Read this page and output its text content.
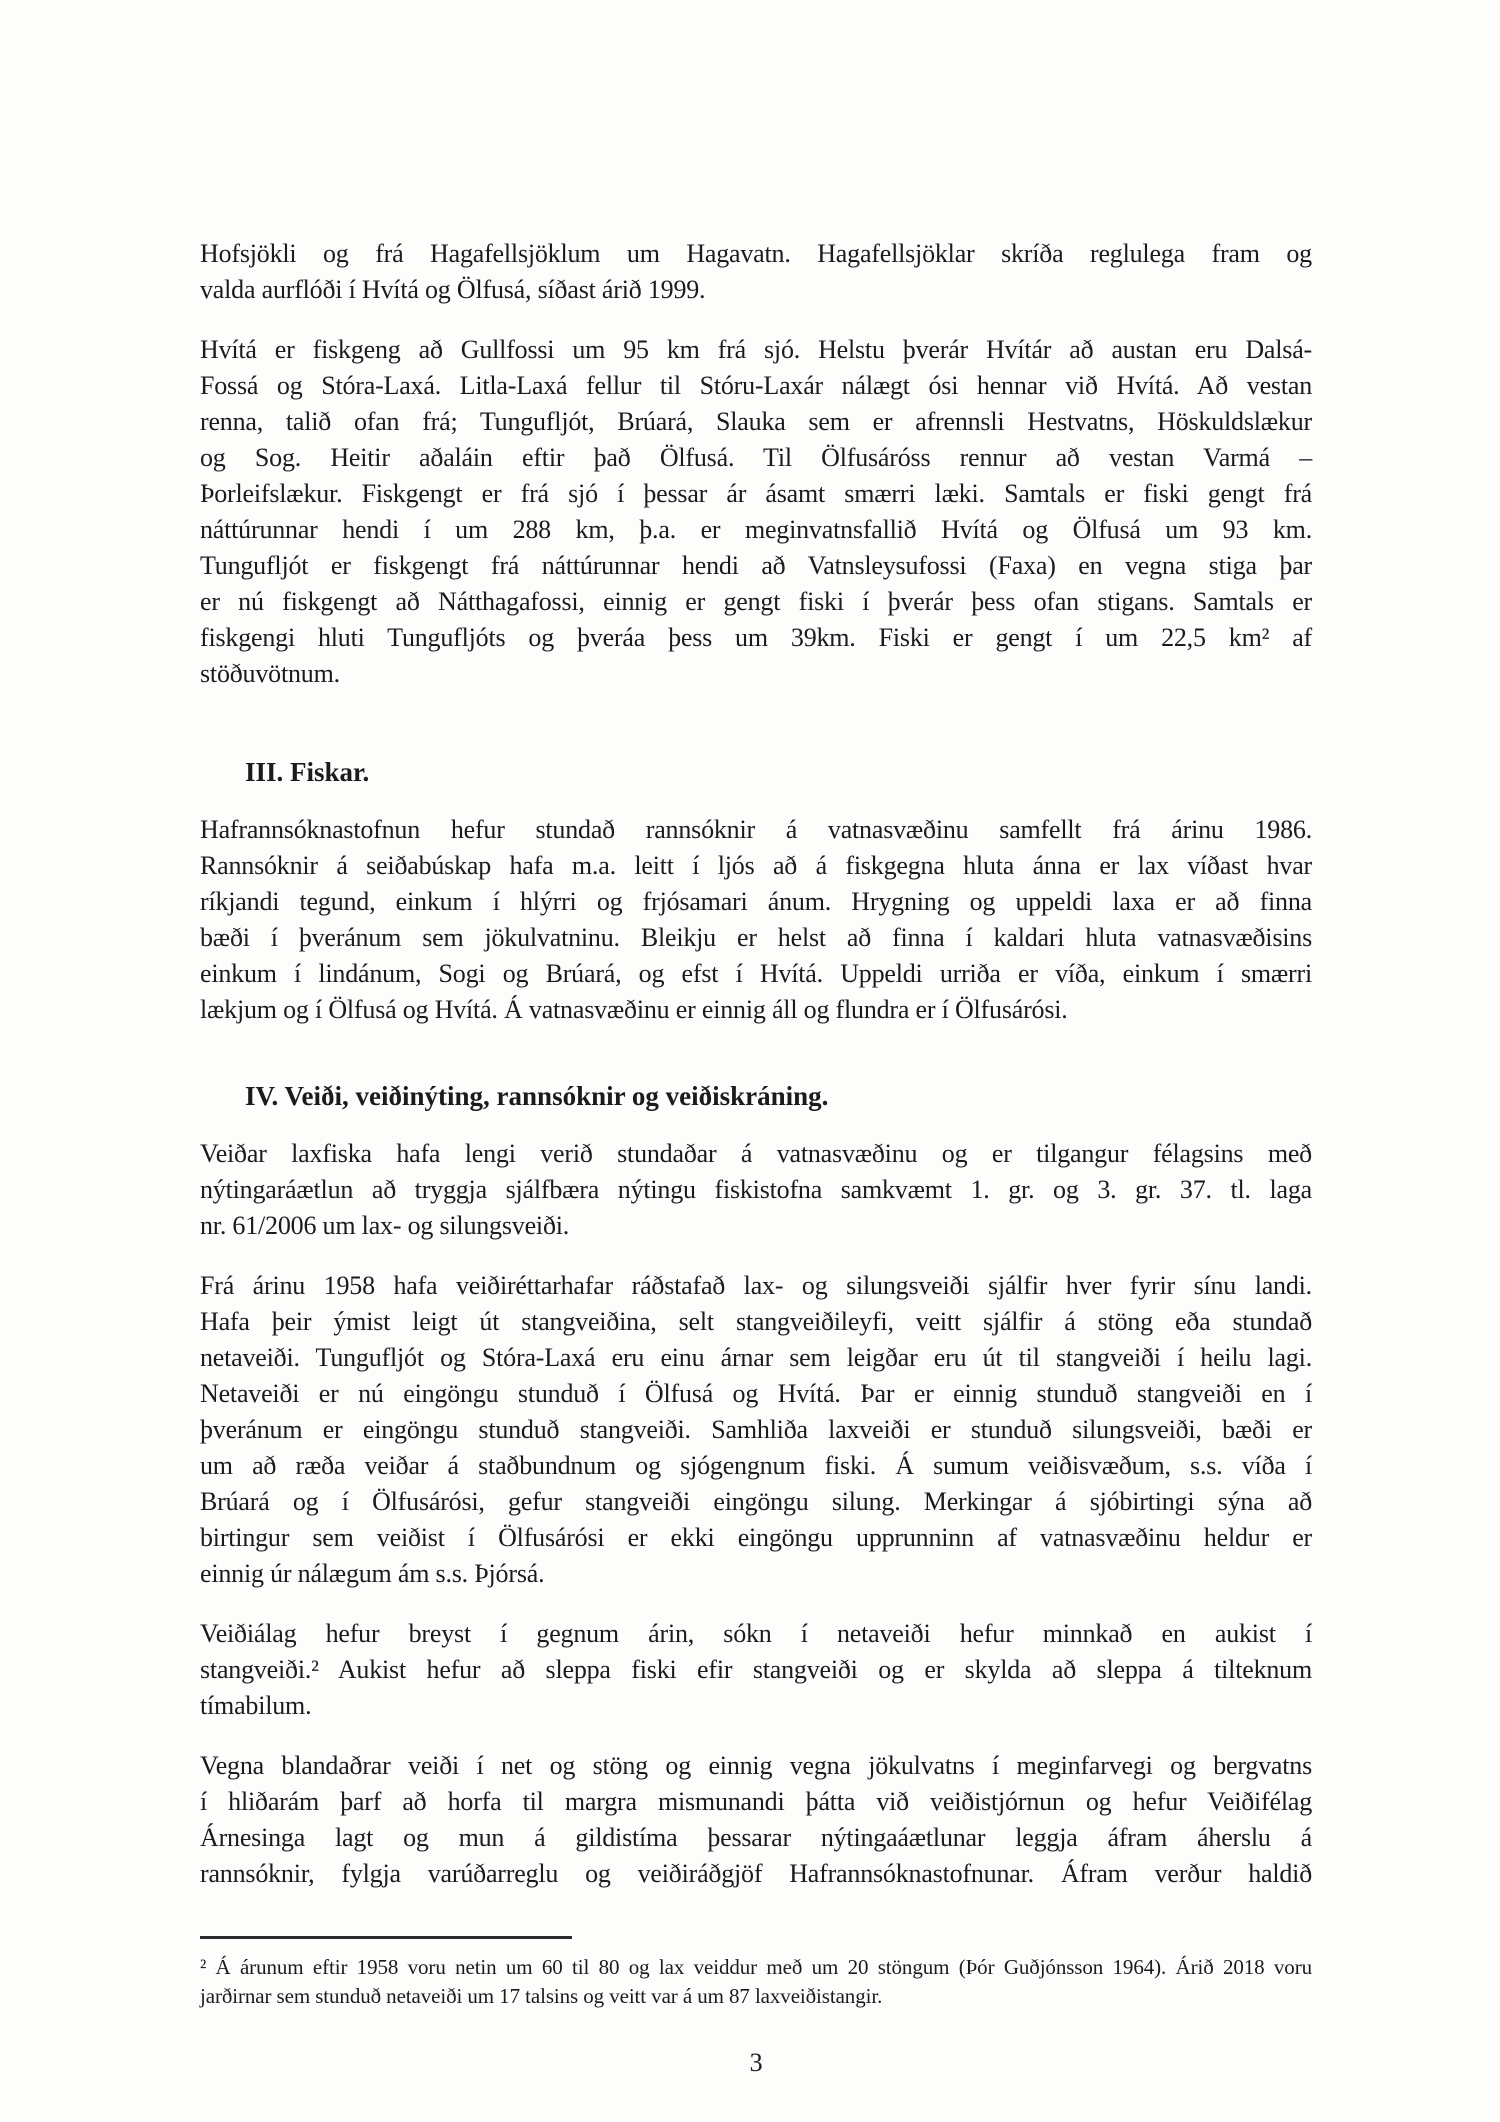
Hofsjökli og frá Hagafellsjöklum um Hagavatn. Hagafellsjöklar skríða reglulega fram og
valda aurflóði í Hvítá og Ölfusá, síðast árið 1999.
Hvítá er fiskgeng að Gullfossi um 95 km frá sjó. Helstu þverár Hvítár að austan eru Dalsá-
Fossá og Stóra-Laxá. Litla-Laxá fellur til Stóru-Laxár nálægt ósi hennar við Hvítá. Að vestan
renna, talið ofan frá; Tungufljót, Brúará, Slauka sem er afrennsli Hestvatns, Höskuldslækur
og Sog. Heitir aðaláin eftir það Ölfusá. Til Ölfusáróss rennur að vestan Varmá –
Þorleifslækur. Fiskgengt er frá sjó í þessar ár ásamt smærri læki. Samtals er fiski gengt frá
náttúrunnar hendi í um 288 km, þ.a. er meginvatnsfallið Hvítá og Ölfusá um 93 km.
Tungufljót er fiskgengt frá náttúrunnar hendi að Vatnsleysufossi (Faxa) en vegna stiga þar
er nú fiskgengt að Nátthagafossi, einnig er gengt fiski í þverár þess ofan stigans. Samtals er
fiskgengi hluti Tungufljóts og þveráa þess um 39km. Fiski er gengt í um 22,5 km² af
stöðuvötnum.
III. Fiskar.
Hafrannsóknastofnun hefur stundað rannsóknir á vatnasvæðinu samfellt frá árinu 1986.
Rannsóknir á seiðabúskap hafa m.a. leitt í ljós að á fiskgegna hluta ánna er lax víðast hvar
ríkjandi tegund, einkum í hlýrri og frjósamari ánum. Hrygning og uppeldi laxa er að finna
bæði í þveránum sem jökulvatninu. Bleikju er helst að finna í kaldari hluta vatnasvæðisins
einkum í lindánum, Sogi og Brúará, og efst í Hvítá. Uppeldi urriða er víða, einkum í smærri
lækjum og í Ölfusá og Hvítá. Á vatnasvæðinu er einnig áll og flundra er í Ölfusárósi.
IV. Veiði, veiðinýting, rannsóknir og veiðiskráning.
Veiðar laxfiska hafa lengi verið stundaðar á vatnasvæðinu og er tilgangur félagsins með
nýtingaráætlun að tryggja sjálfbæra nýtingu fiskistofna samkvæmt 1. gr. og 3. gr. 37. tl. laga
nr. 61/2006 um lax- og silungsveiði.
Frá árinu 1958 hafa veiðiréttarhafar ráðstafað lax- og silungsveiði sjálfir hver fyrir sínu landi.
Hafa þeir ýmist leigt út stangveiðina, selt stangveiðileyfi, veitt sjálfir á stöng eða stundað
netaveiði. Tungufljót og Stóra-Laxá eru einu árnar sem leigðar eru út til stangveiði í heilu lagi.
Netaveiði er nú eingöngu stunduð í Ölfusá og Hvítá. Þar er einnig stunduð stangveiði en í
þveránum er eingöngu stunduð stangveiði. Samhliða laxveiði er stunduð silungsveiði, bæði er
um að ræða veiðar á staðbundnum og sjógengnum fiski. Á sumum veiðisvæðum, s.s. víða í
Brúará og í Ölfusárósi, gefur stangveiði eingöngu silung. Merkingar á sjóbirtingi sýna að
birtingur sem veiðist í Ölfusárósi er ekki eingöngu upprunninn af vatnasvæðinu heldur er
einnig úr nálægum ám s.s. Þjórsá.
Veiðiálag hefur breyst í gegnum árin, sókn í netaveiði hefur minnkað en aukist í
stangveiði.² Aukist hefur að sleppa fiski efir stangveiði og er skylda að sleppa á tilteknum
tímabilum.
Vegna blandaðrar veiði í net og stöng og einnig vegna jökulvatns í meginfarvegi og bergvatns
í hliðarám þarf að horfa til margra mismunandi þátta við veiðistjórnun og hefur Veiðifélag
Árnesinga lagt og mun á gildistíma þessarar nýtingaáætlunar leggja áfram áherslu á
rannsóknir, fylgja varúðarreglu og veiðiráðgjöf Hafrannsóknastofnunar. Áfram verður haldið
² Á árunum eftir 1958 voru netin um 60 til 80 og lax veiddur með um 20 stöngum (Þór Guðjónsson 1964). Árið 2018 voru
jarðirnar sem stunduð netaveiði um 17 talsins og veitt var á um 87 laxveiðistangir.
3
